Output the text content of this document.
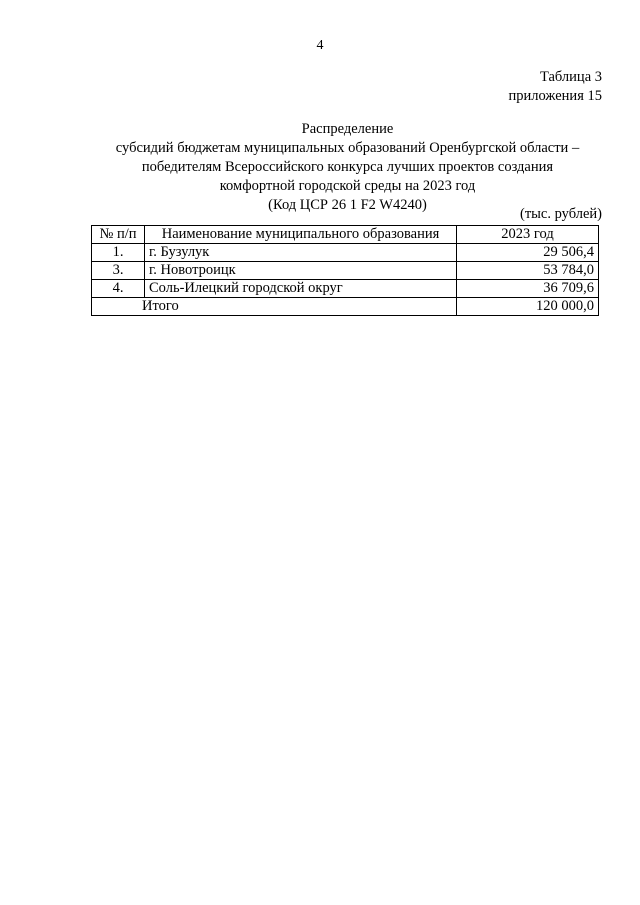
4
Таблица 3
приложения 15
Распределение
субсидий бюджетам муниципальных образований Оренбургской области –
победителям Всероссийского конкурса лучших проектов создания
комфортной городской среды на 2023 год
(Код ЦСР 26 1 F2 W4240)
(тыс. рублей)
№ п/п	Наименование муниципального образования	2023 год
1.	г. Бузулук	29 506,4
3.	г. Новотроицк	53 784,0
4.	Соль-Илецкий городской округ	36 709,6
Итого		120 000,0
